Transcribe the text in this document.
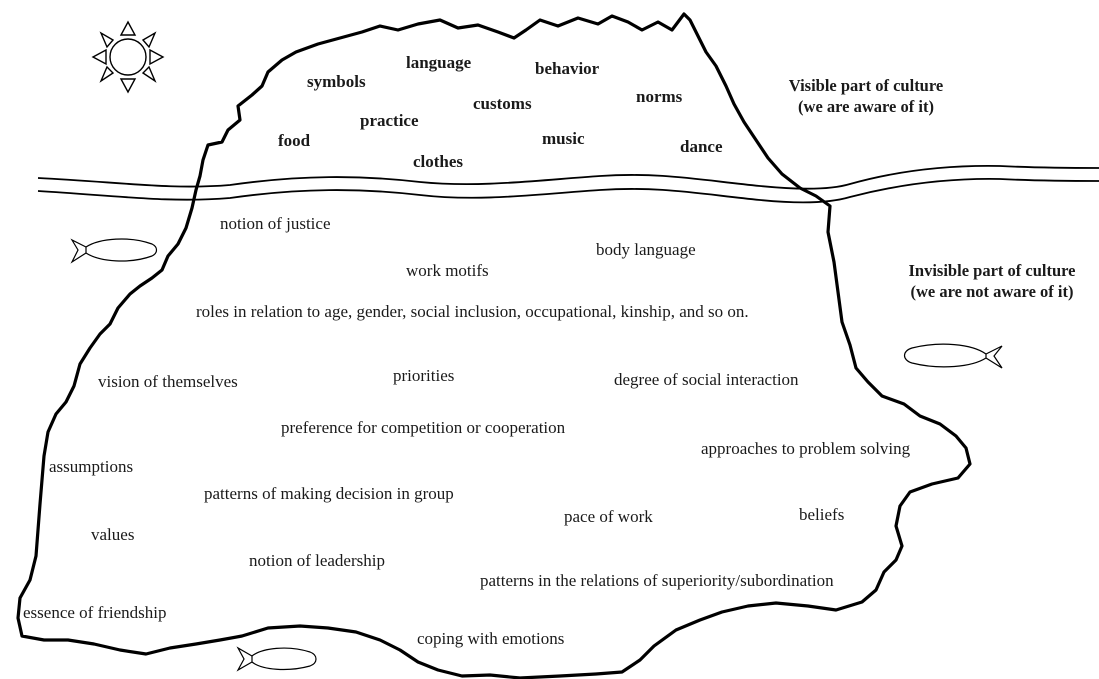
Visible part of culture
(we are aware of it)
Invisible part of culture
(we are not aware of it)
symbols
language	behavior
norms
customs
practice
food	music	dance
clothes
notion of justice
body language
work motifs
roles in relation to age, gender, social inclusion, occupational, kinship, and so on.
vision of themselves	priorities	degree of social interaction
preference for competition or cooperation
approaches to problem solving
assumptions
patterns of making decision in group
pace of work	beliefs
values
notion of leadership
patterns in the relations of superiority/subordination
essence of friendship
coping with emotions
